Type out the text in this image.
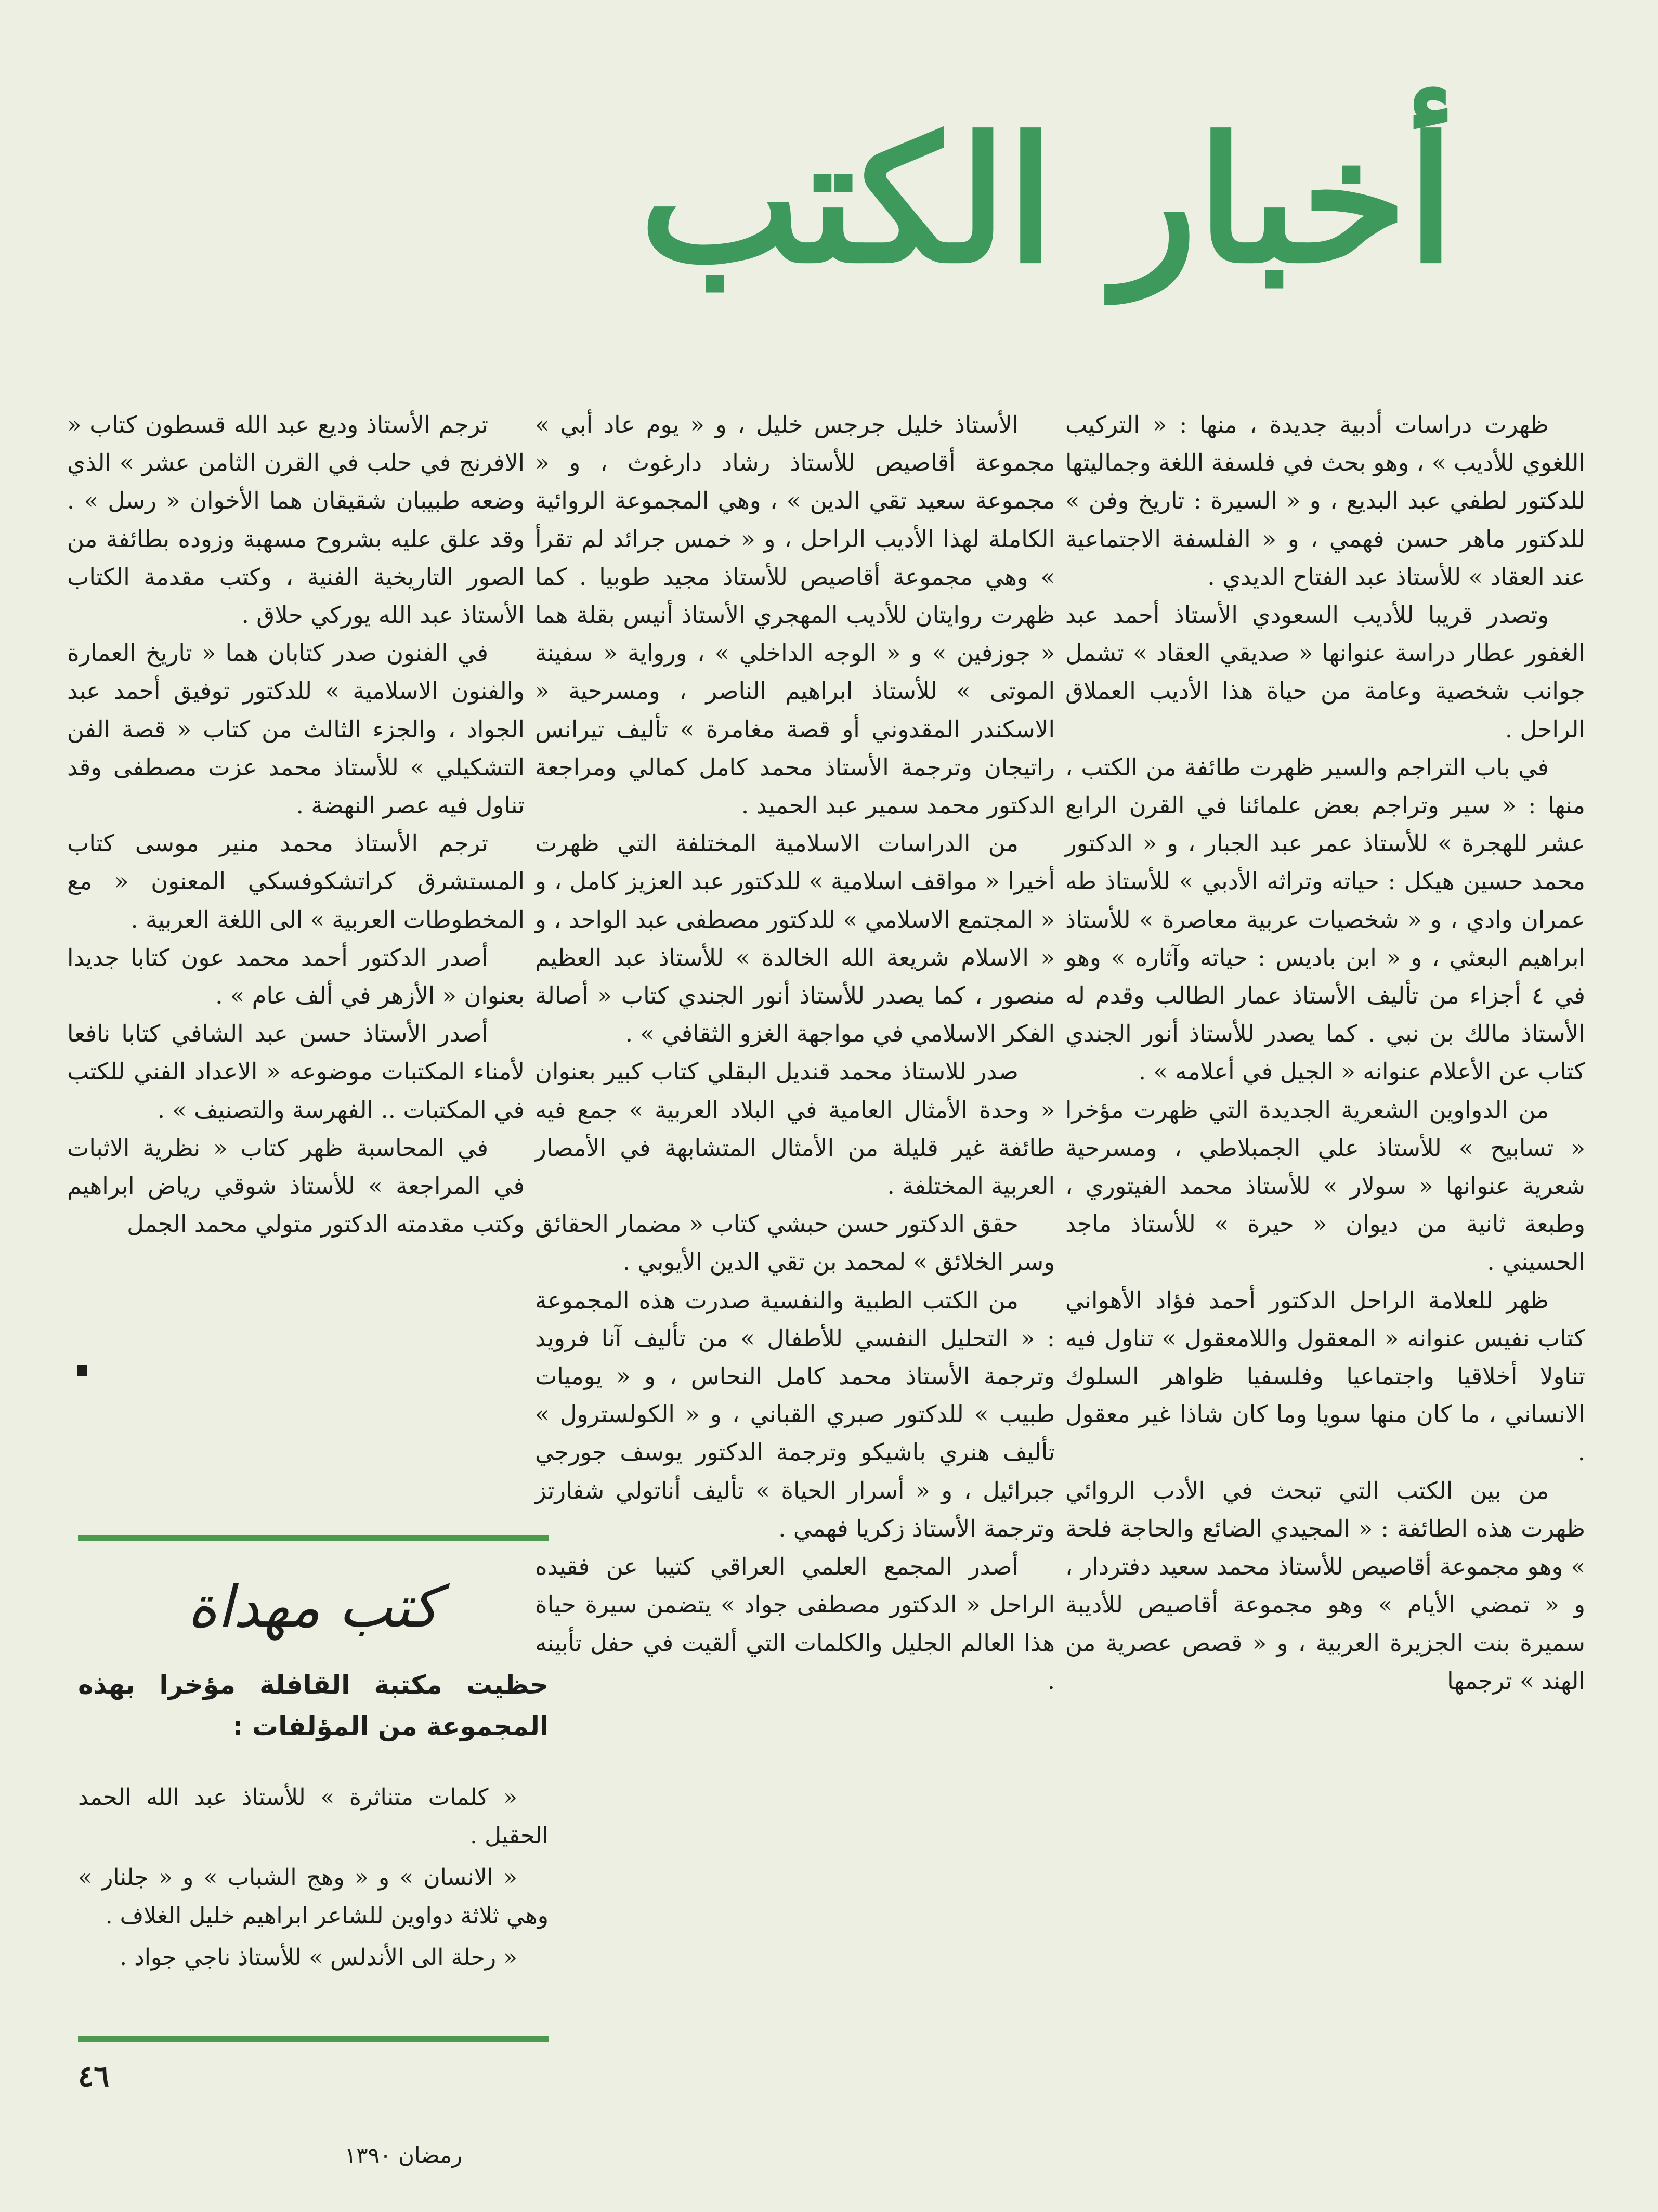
أخبار الكتب

ظهرت دراسات أدبية جديدة ، منها : « التركيب اللغوي للأديب » ، وهو بحث في فلسفة اللغة وجماليتها للدكتور لطفي عبد البديع ، و « السيرة : تاريخ وفن » للدكتور ماهر حسن فهمي ، و « الفلسفة الاجتماعية عند العقاد » للأستاذ عبد الفتاح الديدي .

وتصدر قريبا للأديب السعودي الأستاذ أحمد عبد الغفور عطار دراسة عنوانها « صديقي العقاد » تشمل جوانب شخصية وعامة من حياة هذا الأديب العملاق الراحل .

في باب التراجم والسير ظهرت طائفة من الكتب ، منها : « سير وتراجم بعض علمائنا في القرن الرابع عشر للهجرة » للأستاذ عمر عبد الجبار ، و « الدكتور محمد حسين هيكل : حياته وتراثه الأدبي » للأستاذ طه عمران وادي ، و « شخصيات عربية معاصرة » للأستاذ ابراهيم البعثي ، و « ابن باديس : حياته وآثاره » وهو في ٤ أجزاء من تأليف الأستاذ عمار الطالب وقدم له الأستاذ مالك بن نبي . كما يصدر للأستاذ أنور الجندي كتاب عن الأعلام عنوانه « الجيل في أعلامه » .

من الدواوين الشعرية الجديدة التي ظهرت مؤخرا « تسابيح » للأستاذ علي الجمبلاطي ، ومسرحية شعرية عنوانها « سولار » للأستاذ محمد الفيتوري ، وطبعة ثانية من ديوان « حيرة » للأستاذ ماجد الحسيني .

ظهر للعلامة الراحل الدكتور أحمد فؤاد الأهواني كتاب نفيس عنوانه « المعقول واللامعقول » تناول فيه تناولا أخلاقيا واجتماعيا وفلسفيا ظواهر السلوك الانساني ، ما كان منها سويا وما كان شاذا غير معقول .

من بين الكتب التي تبحث في الأدب الروائي ظهرت هذه الطائفة : « المجيدي الضائع والحاجة فلحة » وهو مجموعة أقاصيص للأستاذ محمد سعيد دفتردار ، و « تمضي الأيام » وهو مجموعة أقاصيص للأديبة سميرة بنت الجزيرة العربية ، و « قصص عصرية من الهند » ترجمها

الأستاذ خليل جرجس خليل ، و « يوم عاد أبي » مجموعة أقاصيص للأستاذ رشاد دارغوث ، و « مجموعة سعيد تقي الدين » ، وهي المجموعة الروائية الكاملة لهذا الأديب الراحل ، و « خمس جرائد لم تقرأ » وهي مجموعة أقاصيص للأستاذ مجيد طوبيا . كما ظهرت روايتان للأديب المهجري الأستاذ أنيس بقلة هما « جوزفين » و « الوجه الداخلي » ، ورواية « سفينة الموتى » للأستاذ ابراهيم الناصر ، ومسرحية « الاسكندر المقدوني أو قصة مغامرة » تأليف تيرانس راتيجان وترجمة الأستاذ محمد كامل كمالي ومراجعة الدكتور محمد سمير عبد الحميد .

من الدراسات الاسلامية المختلفة التي ظهرت أخيرا « مواقف اسلامية » للدكتور عبد العزيز كامل ، و « المجتمع الاسلامي » للدكتور مصطفى عبد الواحد ، و « الاسلام شريعة الله الخالدة » للأستاذ عبد العظيم منصور ، كما يصدر للأستاذ أنور الجندي كتاب « أصالة الفكر الاسلامي في مواجهة الغزو الثقافي » .

صدر للاستاذ محمد قنديل البقلي كتاب كبير بعنوان « وحدة الأمثال العامية في البلاد العربية » جمع فيه طائفة غير قليلة من الأمثال المتشابهة في الأمصار العربية المختلفة .

حقق الدكتور حسن حبشي كتاب « مضمار الحقائق وسر الخلائق » لمحمد بن تقي الدين الأيوبي .

من الكتب الطبية والنفسية صدرت هذه المجموعة : « التحليل النفسي للأطفال » من تأليف آنا فرويد وترجمة الأستاذ محمد كامل النحاس ، و « يوميات طبيب » للدكتور صبري القباني ، و « الكولسترول » تأليف هنري باشيكو وترجمة الدكتور يوسف جورجي جبرائيل ، و « أسرار الحياة » تأليف أناتولي شفارتز وترجمة الأستاذ زكريا فهمي .

أصدر المجمع العلمي العراقي كتيبا عن فقيده الراحل « الدكتور مصطفى جواد » يتضمن سيرة حياة هذا العالم الجليل والكلمات التي ألقيت في حفل تأبينه .

ترجم الأستاذ وديع عبد الله قسطون كتاب « الافرنج في حلب في القرن الثامن عشر » الذي وضعه طبيبان شقيقان هما الأخوان « رسل » . وقد علق عليه بشروح مسهبة وزوده بطائفة من الصور التاريخية الفنية ، وكتب مقدمة الكتاب الأستاذ عبد الله يوركي حلاق .

في الفنون صدر كتابان هما « تاريخ العمارة والفنون الاسلامية » للدكتور توفيق أحمد عبد الجواد ، والجزء الثالث من كتاب « قصة الفن التشكيلي » للأستاذ محمد عزت مصطفى وقد تناول فيه عصر النهضة .

ترجم الأستاذ محمد منير موسى كتاب المستشرق كراتشكوفسكي المعنون « مع المخطوطات العربية » الى اللغة العربية .

أصدر الدكتور أحمد محمد عون كتابا جديدا بعنوان « الأزهر في ألف عام » .

أصدر الأستاذ حسن عبد الشافي كتابا نافعا لأمناء المكتبات موضوعه « الاعداد الفني للكتب في المكتبات .. الفهرسة والتصنيف » .

في المحاسبة ظهر كتاب « نظرية الاثبات في المراجعة » للأستاذ شوقي رياض ابراهيم وكتب مقدمته الدكتور متولي محمد الجمل

كتب مهداة
حظيت مكتبة القافلة مؤخرا بهذه المجموعة من المؤلفات :

« كلمات متناثرة » للأستاذ عبد الله الحمد الحقيل .

« الانسان » و « وهج الشباب » و « جلنار » وهي ثلاثة دواوين للشاعر ابراهيم خليل الغلاف .

« رحلة الى الأندلس » للأستاذ ناجي جواد .

٤٦
رمضان ١٣٩٠
